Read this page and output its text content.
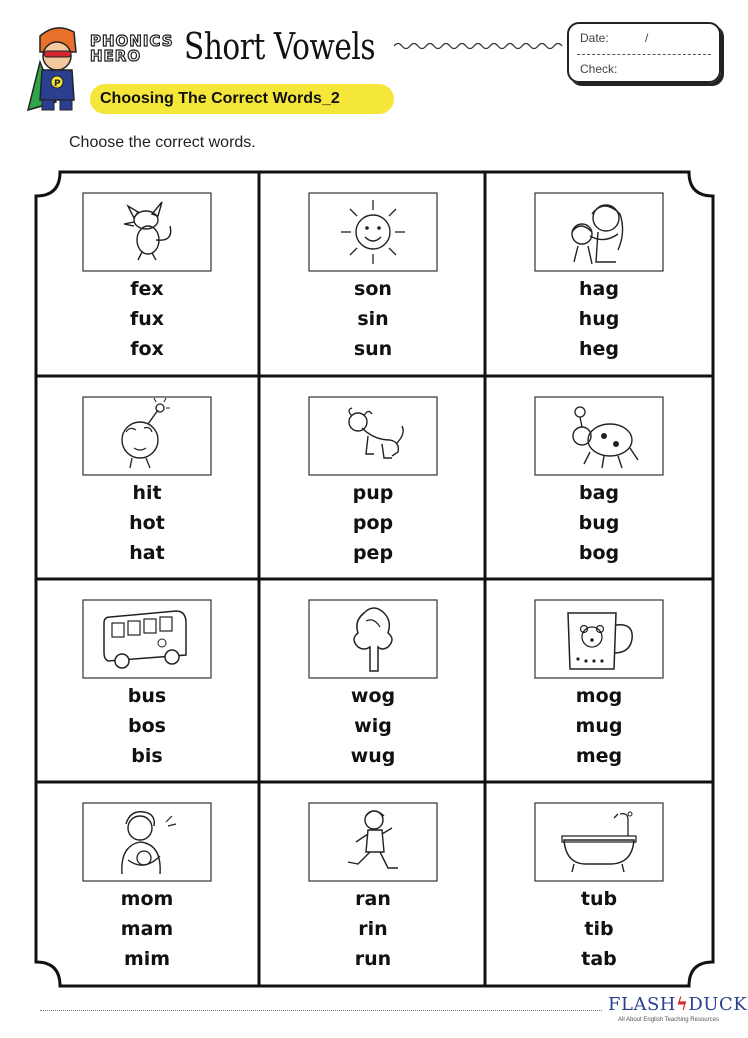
P
PHONICS
HERO Short Vowels	Date:	/
Check:
Choosing The Correct Words_2
Choose the correct words.
fex
fux
fox
son
sin
sun
hag
hug
heg
hit
hot
hat
pup
pop
pep
bag
bug
bog
bus
bos
bis
wog
wig
wug
mog
mug
meg
mom
mam
mim
ran
rin
run
tub
tib
tab
FLASHϟDUCK
All About English Teaching Resources
